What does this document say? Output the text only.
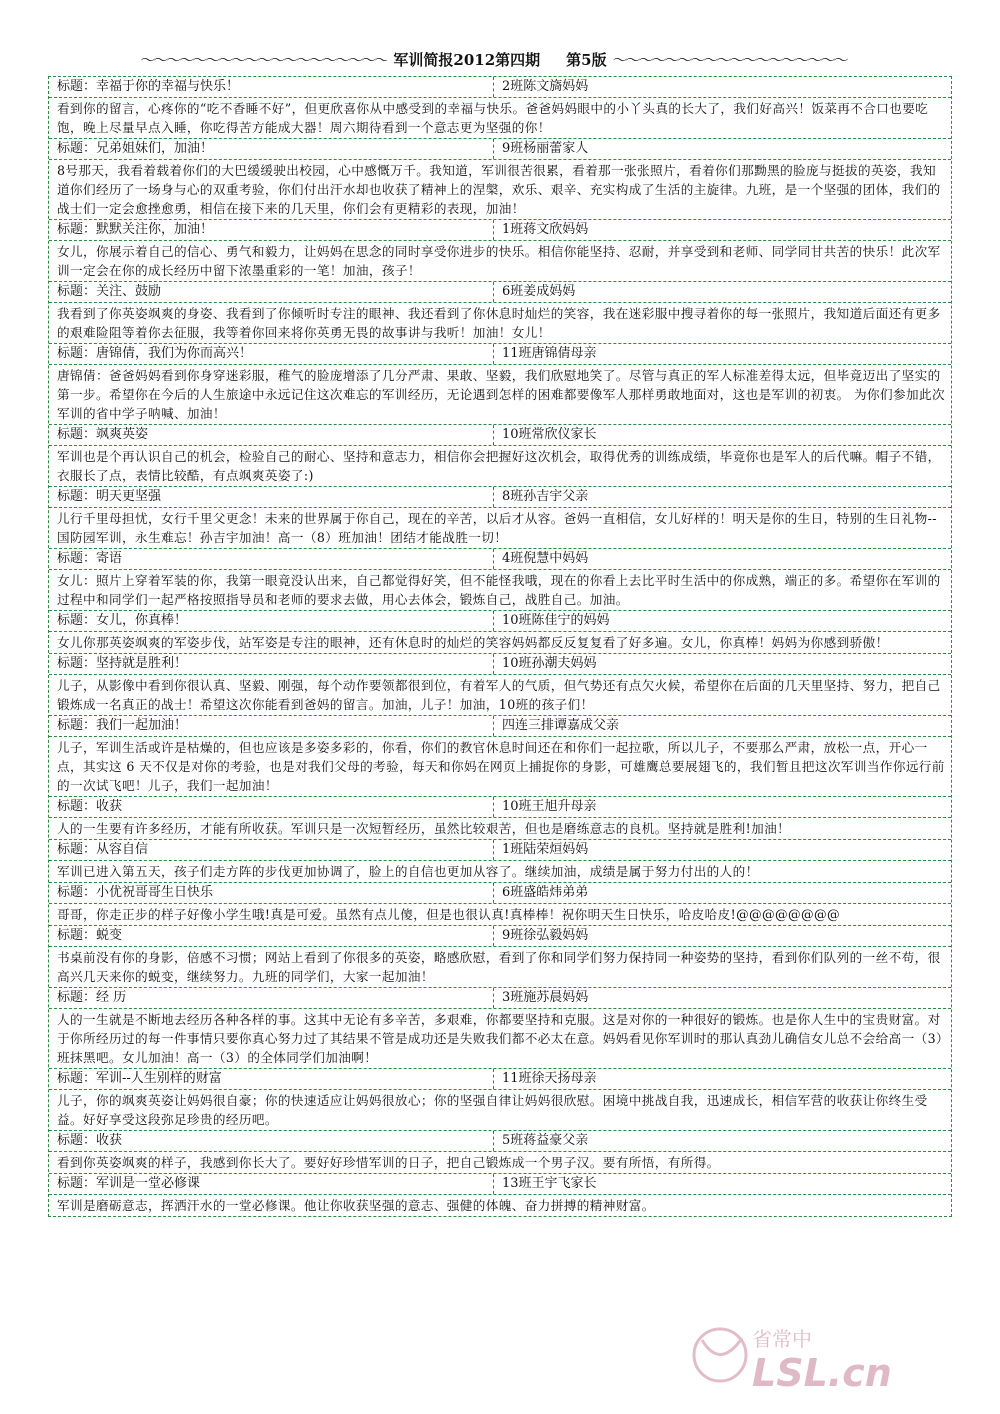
～～～～～～～～～～～～～～～～～～～ 军训简报2012第四期 第5版 ～～～～～～～～～～～～～～～～～～
标题：幸福于你的幸福与快乐！	2班陈文旖妈妈
看到你的留言，心疼你的“吃不香睡不好”，但更欣喜你从中感受到的幸福与快乐。爸爸妈妈眼中的小丫头真的长大了，我们好高兴！饭菜再不合口也要吃饱，晚上尽量早点入睡，你吃得苦方能成大器！周六期待看到一个意志更为坚强的你！
标题：兄弟姐妹们，加油！	9班杨丽蕾家人
8号那天，我看着载着你们的大巴缓缓驶出校园，心中感慨万千。我知道，军训很苦很累，看着那一张张照片，看着你们那黝黑的脸庞与挺拔的英姿，我知道你们经历了一场身与心的双重考验，你们付出汗水却也收获了精神上的涅槃，欢乐、艰辛、充实构成了生活的主旋律。九班，是一个坚强的团体，我们的战士们一定会愈挫愈勇，相信在接下来的几天里，你们会有更精彩的表现，加油！
标题：默默关注你，加油！	1班蒋文欣妈妈
女儿，你展示着自己的信心、勇气和毅力，让妈妈在思念的同时享受你进步的快乐。相信你能坚持、忍耐，并享受到和老师、同学同甘共苦的快乐！此次军训一定会在你的成长经历中留下浓墨重彩的一笔！加油，孩子！
标题：关注、鼓励	6班姜成妈妈
我看到了你英姿飒爽的身姿、我看到了你倾听时专注的眼神、我还看到了你休息时灿烂的笑容，我在迷彩服中搜寻着你的每一张照片，我知道后面还有更多的艰难险阻等着你去征服，我等着你回来将你英勇无畏的故事讲与我听！加油！女儿！
标题：唐锦倩，我们为你而高兴！	11班唐锦倩母亲
唐锦倩：爸爸妈妈看到你身穿迷彩服，稚气的脸庞增添了几分严肃、果敢、坚毅，我们欣慰地笑了。尽管与真正的军人标准差得太远，但毕竟迈出了坚实的第一步。希望你在今后的人生旅途中永远记住这次难忘的军训经历，无论遇到怎样的困难都要像军人那样勇敢地面对，这也是军训的初衷。 为你们参加此次军训的省中学子呐喊、加油！
标题：飒爽英姿	10班常欣仪家长
军训也是个再认识自己的机会，检验自己的耐心、坚持和意志力，相信你会把握好这次机会，取得优秀的训练成绩，毕竟你也是军人的后代嘛。帽子不错，衣服长了点，表情比较酷，有点飒爽英姿了:)
标题：明天更坚强	8班孙吉宇父亲
儿行千里母担忧，女行千里父更念！未来的世界属于你自己，现在的辛苦，以后才从容。爸妈一直相信，女儿好样的！明天是你的生日，特别的生日礼物--国防园军训，永生难忘！孙吉宇加油！高一（8）班加油！团结才能战胜一切！
标题：寄语	4班倪慧中妈妈
女儿：照片上穿着军装的你，我第一眼竟没认出来，自己都觉得好笑，但不能怪我哦，现在的你看上去比平时生活中的你成熟，端正的多。希望你在军训的过程中和同学们一起严格按照指导员和老师的要求去做，用心去体会，锻炼自己，战胜自己。加油。
标题：女儿，你真棒！	10班陈佳宁的妈妈
女儿你那英姿飒爽的军姿步伐，站军姿是专注的眼神，还有休息时的灿烂的笑容妈妈都反反复复看了好多遍。女儿，你真棒！妈妈为你感到骄傲！
标题：坚持就是胜利！	10班孙潮夫妈妈
儿子，从影像中看到你很认真、坚毅、刚强，每个动作要领都很到位，有着军人的气质，但气势还有点欠火候，希望你在后面的几天里坚持、努力，把自己锻炼成一名真正的战士！希望这次你能看到爸妈的留言。加油，儿子！加油，10班的孩子们！
标题：我们一起加油！	四连三排谭嘉成父亲
儿子，军训生活或许是枯燥的，但也应该是多姿多彩的，你看，你们的教官休息时间还在和你们一起拉歌，所以儿子，不要那么严肃，放松一点，开心一点，其实这 6 天不仅是对你的考验，也是对我们父母的考验，每天和你妈在网页上捕捉你的身影，可雄鹰总要展翅飞的，我们暂且把这次军训当作你远行前的一次试飞吧！儿子，我们一起加油！
标题：收获	10班王旭升母亲
人的一生要有许多经历，才能有所收获。军训只是一次短暂经历，虽然比较艰苦，但也是磨练意志的良机。坚持就是胜利!加油！
标题：从容自信	1班陆荣烜妈妈
军训已进入第五天，孩子们走方阵的步伐更加协调了，脸上的自信也更加从容了。继续加油，成绩是属于努力付出的人的！
标题：小优祝哥哥生日快乐	6班盛皓炜弟弟
哥哥，你走正步的样子好像小学生哦!真是可爱。虽然有点儿傻，但是也很认真!真棒棒！祝你明天生日快乐，哈皮哈皮!@@@@@@@@
标题：蜕变	9班徐弘毅妈妈
书桌前没有你的身影，倍感不习惯；网站上看到了你很多的英姿，略感欣慰，看到了你和同学们努力保持同一种姿势的坚持，看到你们队列的一丝不苟，很高兴几天来你的蜕变，继续努力。九班的同学们，大家一起加油！
标题：经 历	3班施苏晨妈妈
人的一生就是不断地去经历各种各样的事。这其中无论有多辛苦，多艰难，你都要坚持和克服。这是对你的一种很好的锻炼。也是你人生中的宝贵财富。对于你所经历过的每一件事情只要你真心努力过了其结果不管是成功还是失败我们都不必太在意。妈妈看见你军训时的那认真劲儿确信女儿总不会给高一（3）班抹黑吧。女儿加油！高一（3）的全体同学们加油啊！
标题：军训--人生别样的财富	11班徐天扬母亲
儿子，你的飒爽英姿让妈妈很自豪；你的快速适应让妈妈很放心；你的坚强自律让妈妈很欣慰。困境中挑战自我，迅速成长，相信军营的收获让你终生受益。好好享受这段弥足珍贵的经历吧。
标题：收获	5班蒋益豪父亲
看到你英姿飒爽的样子，我感到你长大了。要好好珍惜军训的日子，把自己锻炼成一个男子汉。要有所悟，有所得。
标题：军训是一堂必修课	13班王宇飞家长
军训是磨砺意志，挥洒汗水的一堂必修课。他让你收获坚强的意志、强健的体魄、奋力拼搏的精神财富。
省常中
LSL.cn
